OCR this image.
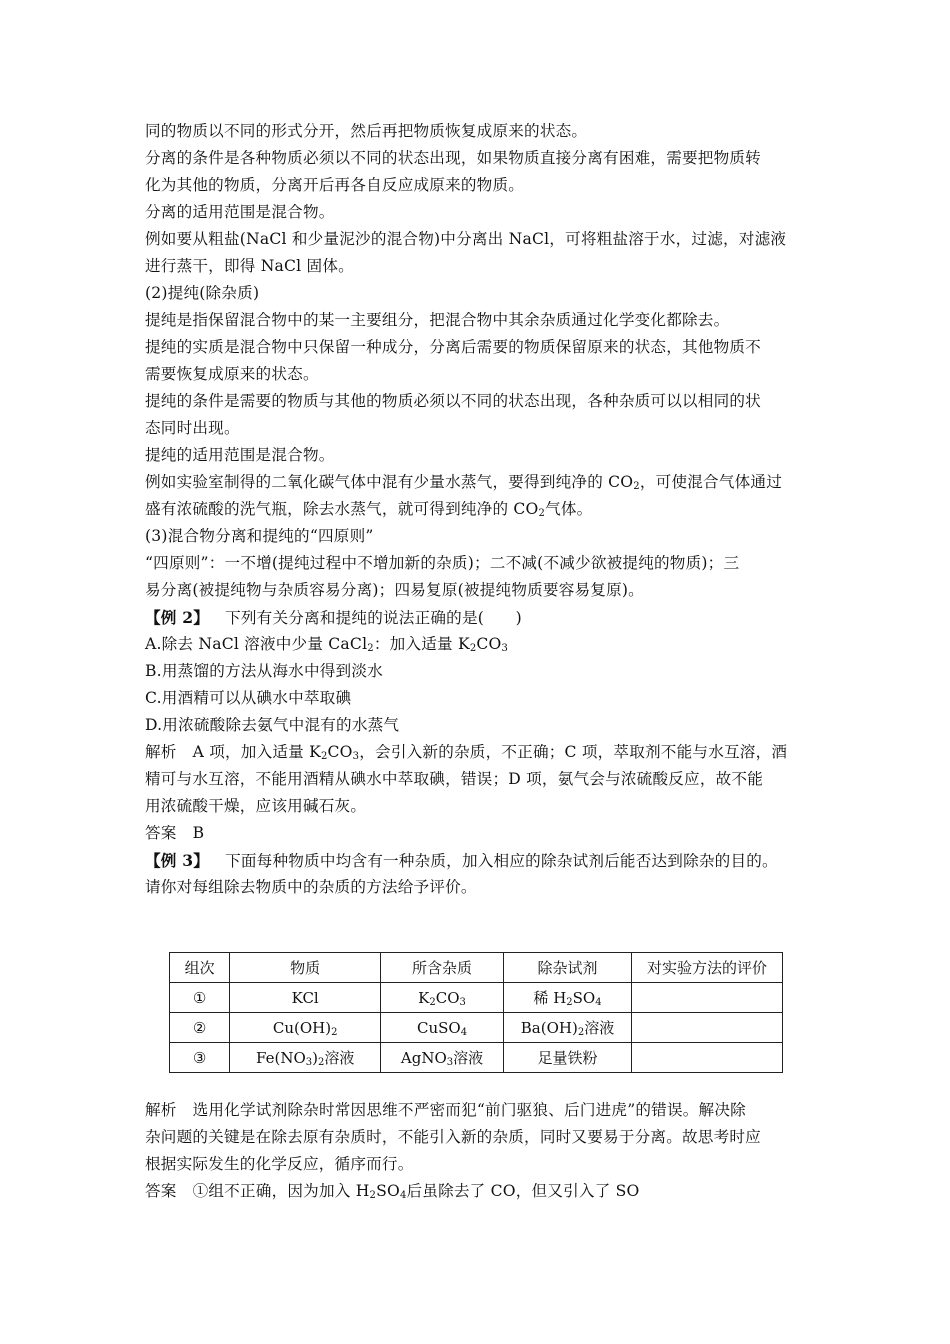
同的物质以不同的形式分开，然后再把物质恢复成原来的状态。
分离的条件是各种物质必须以不同的状态出现，如果物质直接分离有困难，需要把物质转
化为其他的物质，分离开后再各自反应成原来的物质。
分离的适用范围是混合物。
例如要从粗盐(NaCl 和少量泥沙的混合物)中分离出 NaCl，可将粗盐溶于水，过滤，对滤液
进行蒸干，即得 NaCl 固体。
(2)提纯(除杂质)
提纯是指保留混合物中的某一主要组分，把混合物中其余杂质通过化学变化都除去。
提纯的实质是混合物中只保留一种成分，分离后需要的物质保留原来的状态，其他物质不
需要恢复成原来的状态。
提纯的条件是需要的物质与其他的物质必须以不同的状态出现，各种杂质可以以相同的状
态同时出现。
提纯的适用范围是混合物。
例如实验室制得的二氧化碳气体中混有少量水蒸气，要得到纯净的 $CO_2$，可使混合气体通过
盛有浓硫酸的洗气瓶，除去水蒸气，就可得到纯净的 $CO_2$气体。
(3)混合物分离和提纯的“四原则”
“四原则”：一不增(提纯过程中不增加新的杂质)；二不减(不减少欲被提纯的物质)；三
易分离(被提纯物与杂质容易分离)；四易复原(被提纯物质要容易复原)。
【例 2】 下列有关分离和提纯的说法正确的是(　　)
A.除去 NaCl 溶液中少量 CaCl$_2$：加入适量 $K_2CO_3$
B.用蒸馏的方法从海水中得到淡水
C.用酒精可以从碘水中萃取碘
D.用浓硫酸除去氨气中混有的水蒸气
解析 A 项，加入适量 $K_2CO_3$，会引入新的杂质，不正确；C 项，萃取剂不能与水互溶，酒
精可与水互溶，不能用酒精从碘水中萃取碘，错误；D 项，氨气会与浓硫酸反应，故不能
用浓硫酸干燥，应该用碱石灰。
答案 B
【例 3】 下面每种物质中均含有一种杂质，加入相应的除杂试剂后能否达到除杂的目的。
请你对每组除去物质中的杂质的方法给予评价。
组次	物质	所含杂质	除杂试剂	对实验方法的评价
①	KCl	$K_2CO_3$	稀 $H_2SO_4$	
②	$Cu(OH)_2$	CuSO$_4$	$Ba(OH)_2$溶液	
③	$Fe(NO_3)_2$溶液	AgNO$_3$溶液	足量铁粉	
解析 选用化学试剂除杂时常因思维不严密而犯“前门驱狼、后门进虎”的错误。解决除
杂问题的关键是在除去原有杂质时，不能引入新的杂质，同时又要易于分离。故思考时应
根据实际发生的化学反应，循序而行。
答案 ①组不正确，因为加入 $H_2SO_4$后虽除去了 CO，但又引入了 SO
